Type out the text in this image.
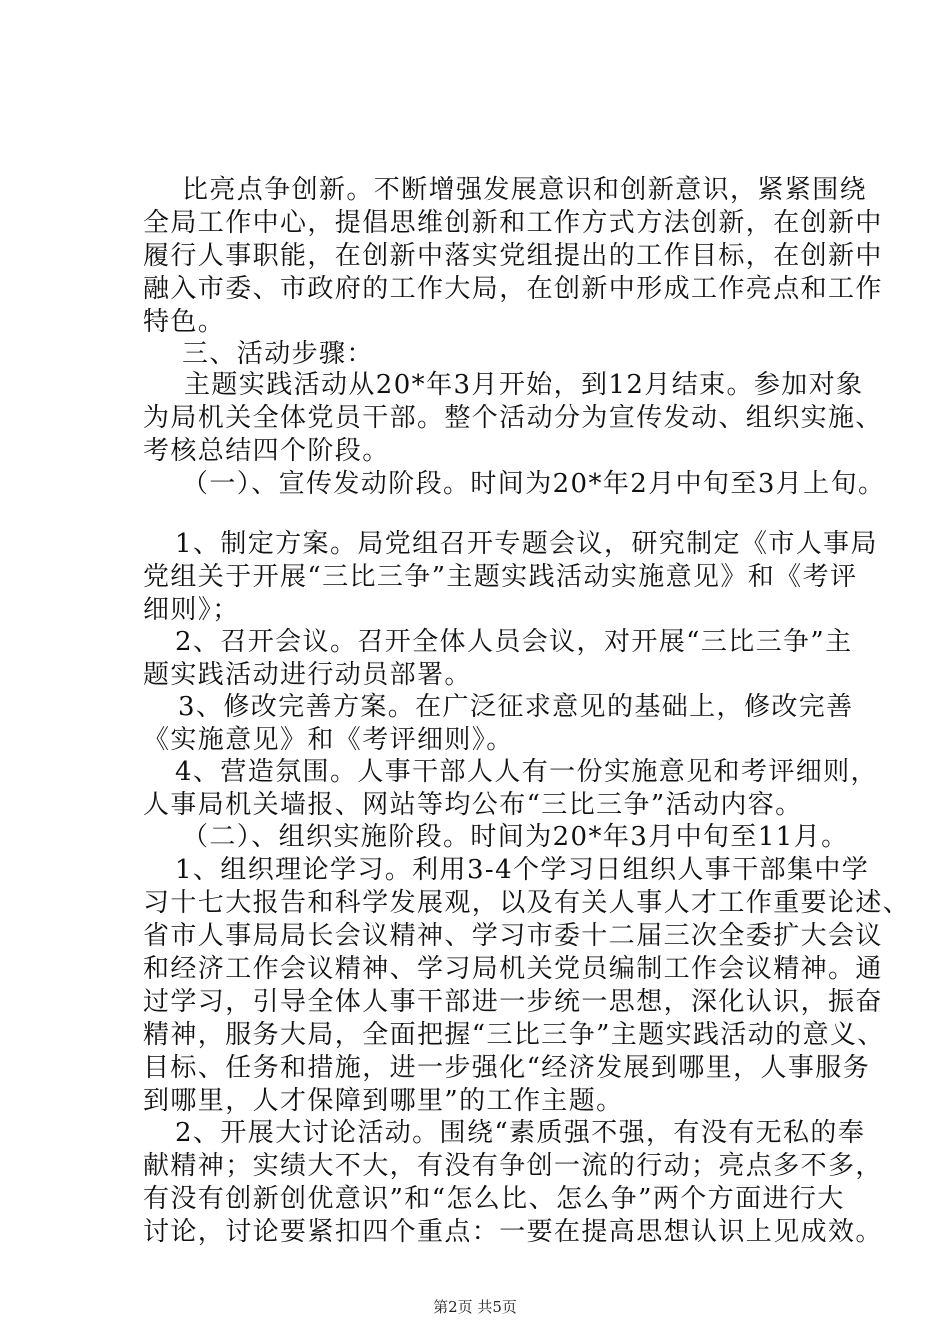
比亮点争创新。不断增强发展意识和创新意识，紧紧围绕
全局工作中心，提倡思维创新和工作方式方法创新，在创新中
履行人事职能，在创新中落实党组提出的工作目标，在创新中
融入市委、市政府的工作大局，在创新中形成工作亮点和工作
特色。
三、活动步骤：
主题实践活动从20*年3月开始，到12月结束。参加对象
为局机关全体党员干部。整个活动分为宣传发动、组织实施、
考核总结四个阶段。
（一）、宣传发动阶段。时间为20*年2月中旬至3月上旬。
1、制定方案。局党组召开专题会议，研究制定《市人事局
党组关于开展“三比三争”主题实践活动实施意见》和《考评
细则》；
2、召开会议。召开全体人员会议，对开展“三比三争”主
题实践活动进行动员部署。
3、修改完善方案。在广泛征求意见的基础上，修改完善
《实施意见》和《考评细则》。
4、营造氛围。人事干部人人有一份实施意见和考评细则，
人事局机关墙报、网站等均公布“三比三争”活动内容。
（二）、组织实施阶段。时间为20*年3月中旬至11月。
1、组织理论学习。利用3-4个学习日组织人事干部集中学
习十七大报告和科学发展观，以及有关人事人才工作重要论述、
省市人事局局长会议精神、学习市委十二届三次全委扩大会议
和经济工作会议精神、学习局机关党员编制工作会议精神。通
过学习，引导全体人事干部进一步统一思想，深化认识，振奋
精神，服务大局，全面把握“三比三争”主题实践活动的意义、
目标、任务和措施，进一步强化“经济发展到哪里，人事服务
到哪里，人才保障到哪里”的工作主题。
2、开展大讨论活动。围绕“素质强不强，有没有无私的奉
献精神；实绩大不大，有没有争创一流的行动；亮点多不多，
有没有创新创优意识”和“怎么比、怎么争”两个方面进行大
讨论，讨论要紧扣四个重点：一要在提高思想认识上见成效。
第2页 共5页
